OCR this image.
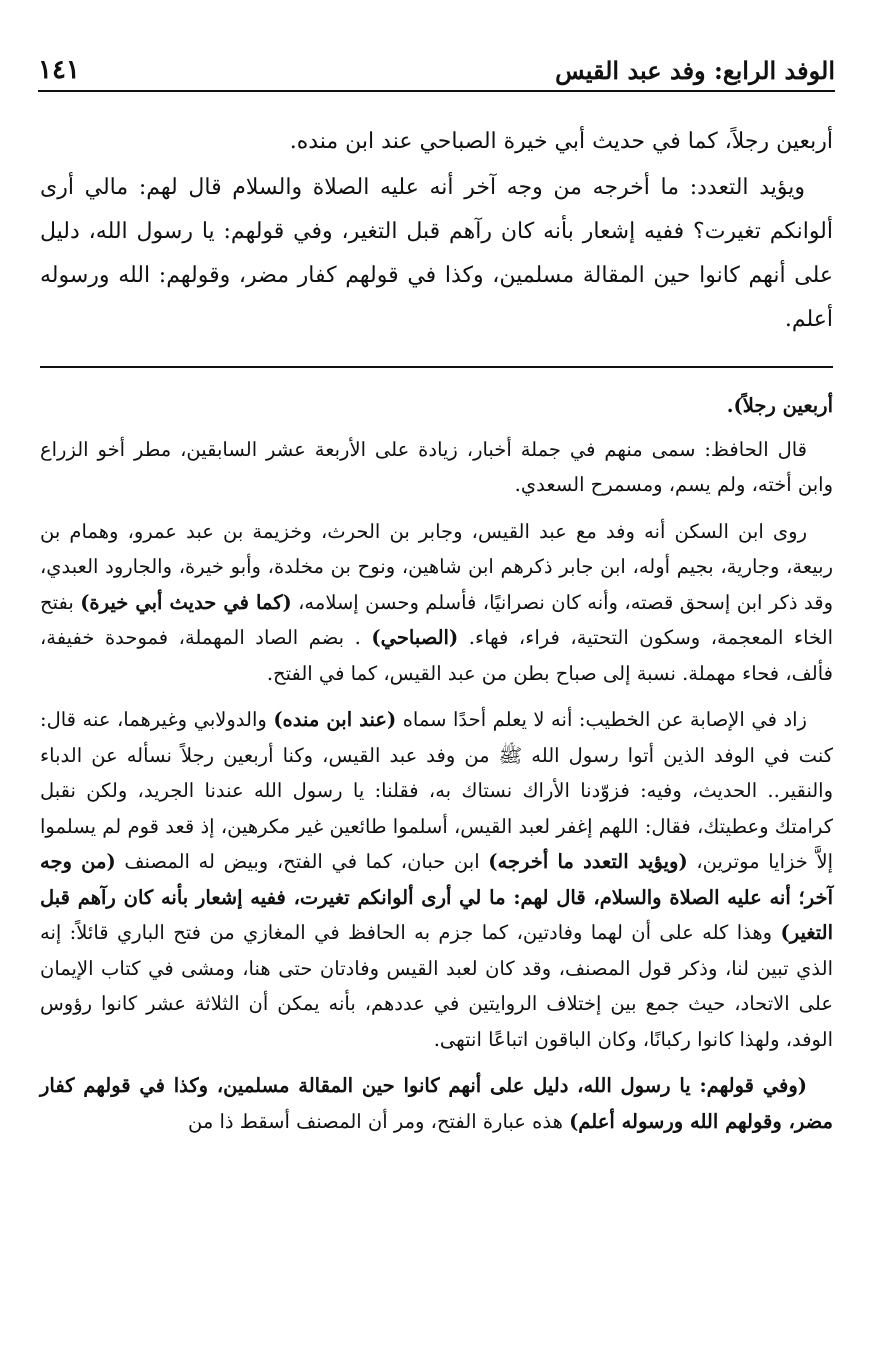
الوفد الرابع: وفد عبد القيس
١٤١

أربعين رجلاً، كما في حديث أبي خيرة الصباحي عند ابن منده.

ويؤيد التعدد: ما أخرجه من وجه آخر أنه عليه الصلاة والسلام قال لهم: مالي أرى ألوانكم تغيرت؟ ففيه إشعار بأنه كان رآهم قبل التغير، وفي قولهم: يا رسول الله، دليل على أنهم كانوا حين المقالة مسلمين، وكذا في قولهم كفار مضر، وقولهم: الله ورسوله أعلم.

أربعين رجلاً).

قال الحافظ: سمى منهم في جملة أخبار، زيادة على الأربعة عشر السابقين، مطر أخو الزراع وابن أخته، ولم يسم، ومسمرح السعدي.

روى ابن السكن أنه وفد مع عبد القيس، وجابر بن الحرث، وخزيمة بن عبد عمرو، وهمام بن ربيعة، وجارية، بجيم أوله، ابن جابر ذكرهم ابن شاهين، ونوح بن مخلدة، وأبو خيرة، والجارود العبدي، وقد ذكر ابن إسحق قصته، وأنه كان نصرانيًا، فأسلم وحسن إسلامه، (كما في حديث أبي خيرة) بفتح الخاء المعجمة، وسكون التحتية، فراء، فهاء. (الصباحي) . بضم الصاد المهملة، فموحدة خفيفة، فألف، فحاء مهملة. نسبة إلى صباح بطن من عبد القيس، كما في الفتح.

زاد في الإصابة عن الخطيب: أنه لا يعلم أحدًا سماه (عند ابن منده) والدولابي وغيرهما، عنه قال: كنت في الوفد الذين أتوا رسول الله ﷺ من وفد عبد القيس، وكنا أربعين رجلاً نسأله عن الدباء والنقير.. الحديث، وفيه: فزوّدنا الأراك نستاك به، فقلنا: يا رسول الله عندنا الجريد، ولكن نقبل كرامتك وعطيتك، فقال: اللهم إغفر لعبد القيس، أسلموا طائعين غير مكرهين، إذ قعد قوم لم يسلموا إلاَّ خزايا موترين، (ويؤيد التعدد ما أخرجه) ابن حبان، كما في الفتح، وبيض له المصنف (من وجه آخر؛ أنه عليه الصلاة والسلام، قال لهم: ما لي أرى ألوانكم تغيرت، ففيه إشعار بأنه كان رآهم قبل التغير) وهذا كله على أن لهما وفادتين، كما جزم به الحافظ في المغازي من فتح الباري قائلاً: إنه الذي تبين لنا، وذكر قول المصنف، وقد كان لعبد القيس وفادتان حتى هنا، ومشى في كتاب الإيمان على الاتحاد، حيث جمع بين إختلاف الروايتين في عددهم، بأنه يمكن أن الثلاثة عشر كانوا رؤوس الوفد، ولهذا كانوا ركبانًا، وكان الباقون اتباعًا انتهى.

(وفي قولهم: يا رسول الله، دليل على أنهم كانوا حين المقالة مسلمين، وكذا في قولهم كفار مضر، وقولهم الله ورسوله أعلم) هذه عبارة الفتح، ومر أن المصنف أسقط ذا من
